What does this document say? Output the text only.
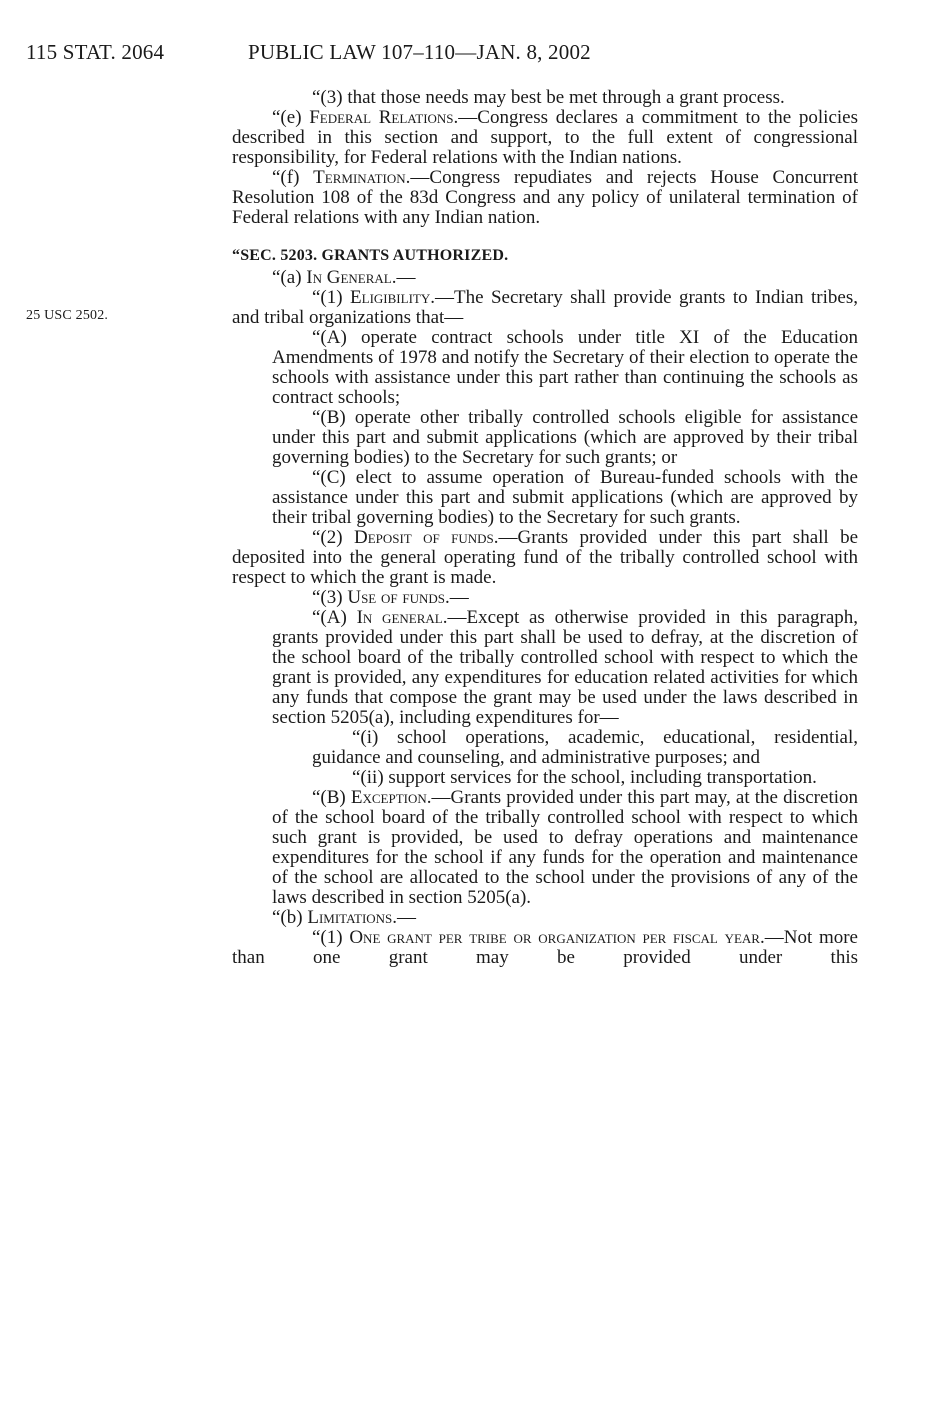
115 STAT. 2064	PUBLIC LAW 107–110—JAN. 8, 2002
25 USC 2502.

“(3) that those needs may best be met through a grant process.

“(e) Federal Relations.—Congress declares a commitment to the policies described in this section and support, to the full extent of congressional responsibility, for Federal relations with the Indian nations.

“(f) Termination.—Congress repudiates and rejects House Concurrent Resolution 108 of the 83d Congress and any policy of unilateral termination of Federal relations with any Indian nation.

“SEC. 5203. GRANTS AUTHORIZED.

“(a) In General.—

“(1) Eligibility.—The Secretary shall provide grants to Indian tribes, and tribal organizations that—

“(A) operate contract schools under title XI of the Education Amendments of 1978 and notify the Secretary of their election to operate the schools with assistance under this part rather than continuing the schools as contract schools;

“(B) operate other tribally controlled schools eligible for assistance under this part and submit applications (which are approved by their tribal governing bodies) to the Secretary for such grants; or

“(C) elect to assume operation of Bureau-funded schools with the assistance under this part and submit applications (which are approved by their tribal governing bodies) to the Secretary for such grants.

“(2) Deposit of funds.—Grants provided under this part shall be deposited into the general operating fund of the tribally controlled school with respect to which the grant is made.

“(3) Use of funds.—

“(A) In general.—Except as otherwise provided in this paragraph, grants provided under this part shall be used to defray, at the discretion of the school board of the tribally controlled school with respect to which the grant is provided, any expenditures for education related activities for which any funds that compose the grant may be used under the laws described in section 5205(a), including expenditures for—

“(i) school operations, academic, educational, residential, guidance and counseling, and administrative purposes; and

“(ii) support services for the school, including transportation.

“(B) Exception.—Grants provided under this part may, at the discretion of the school board of the tribally controlled school with respect to which such grant is provided, be used to defray operations and maintenance expenditures for the school if any funds for the operation and maintenance of the school are allocated to the school under the provisions of any of the laws described in section 5205(a).

“(b) Limitations.—

“(1) One grant per tribe or organization per fiscal year.—Not more than one grant may be provided under this
